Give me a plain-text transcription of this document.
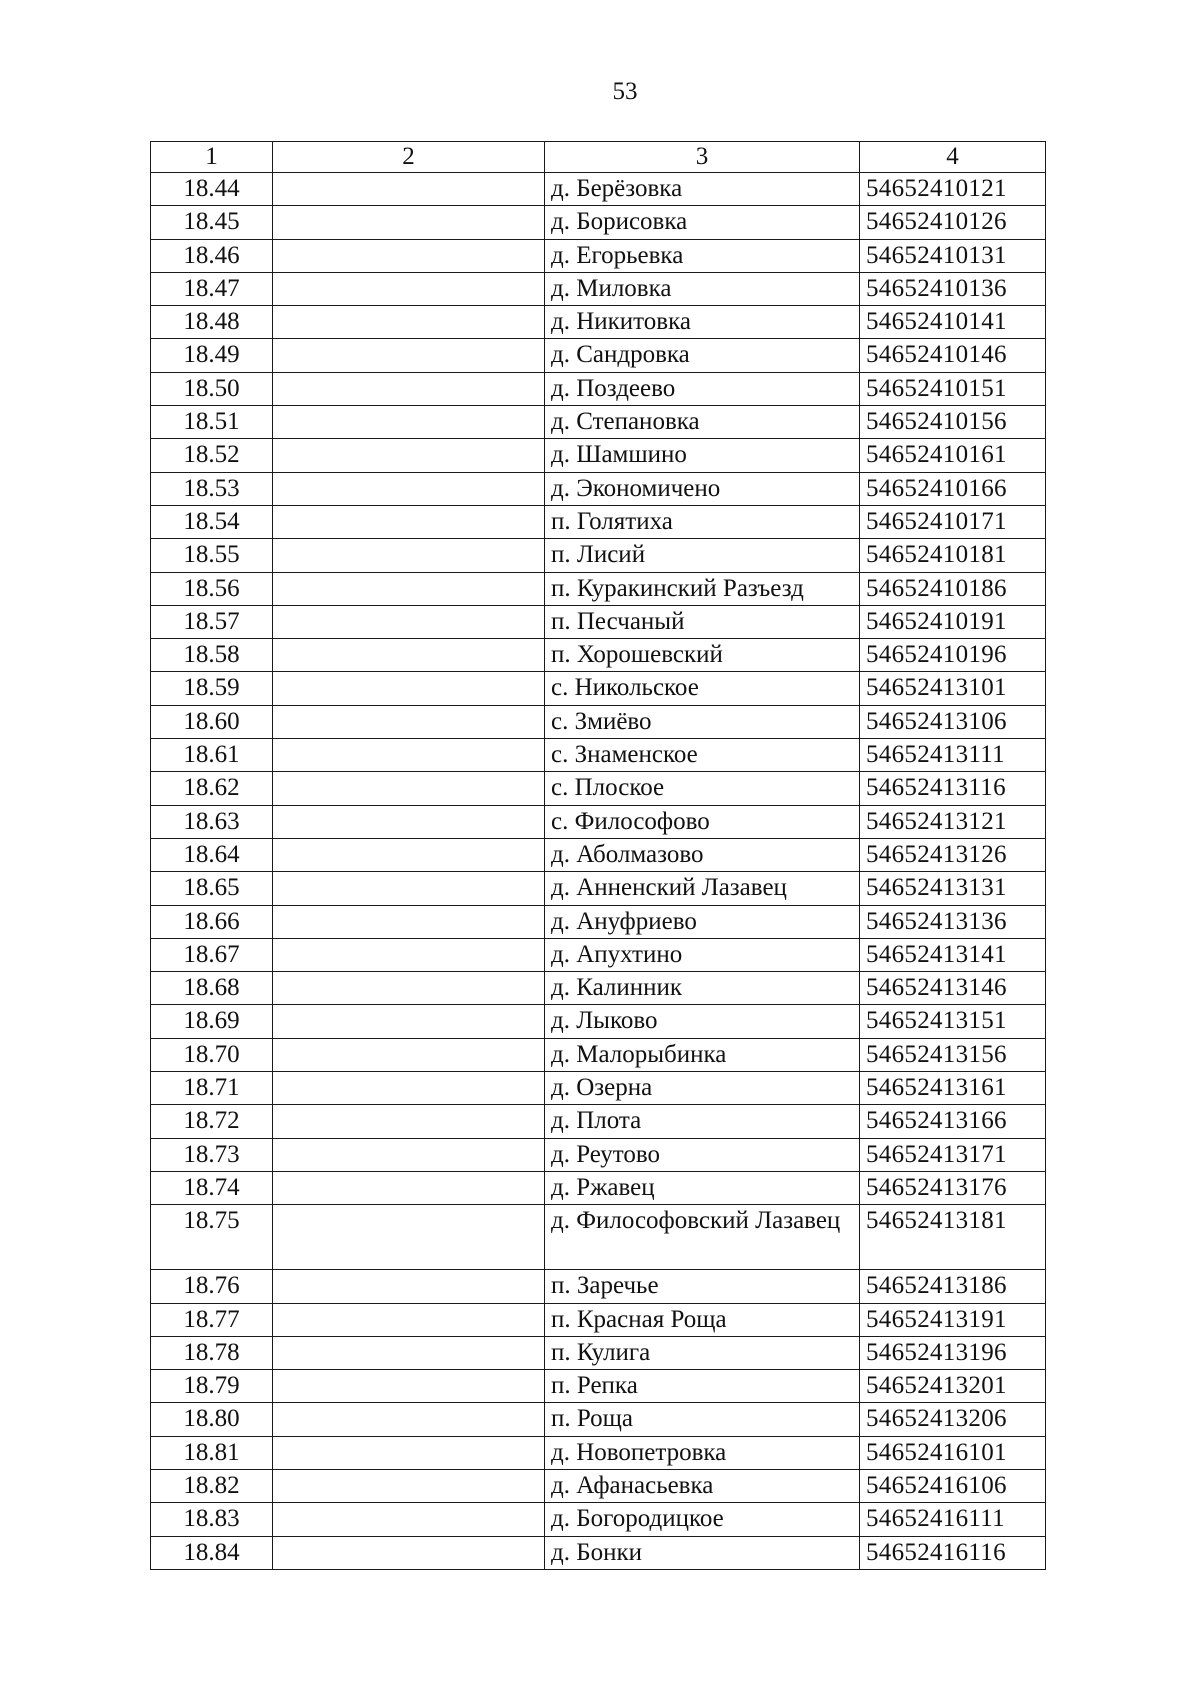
53
1	2	3	4
18.44		д. Берёзовка	54652410121
18.45		д. Борисовка	54652410126
18.46		д. Егорьевка	54652410131
18.47		д. Миловка	54652410136
18.48		д. Никитовка	54652410141
18.49		д. Сандровка	54652410146
18.50		д. Поздеево	54652410151
18.51		д. Степановка	54652410156
18.52		д. Шамшино	54652410161
18.53		д. Экономичено	54652410166
18.54		п. Голятиха	54652410171
18.55		п. Лисий	54652410181
18.56		п. Куракинский Разъезд	54652410186
18.57		п. Песчаный	54652410191
18.58		п. Хорошевский	54652410196
18.59		с. Никольское	54652413101
18.60		с. Змиёво	54652413106
18.61		с. Знаменское	54652413111
18.62		с. Плоское	54652413116
18.63		с. Философово	54652413121
18.64		д. Аболмазово	54652413126
18.65		д. Анненский Лазавец	54652413131
18.66		д. Ануфриево	54652413136
18.67		д. Апухтино	54652413141
18.68		д. Калинник	54652413146
18.69		д. Лыково	54652413151
18.70		д. Малорыбинка	54652413156
18.71		д. Озерна	54652413161
18.72		д. Плота	54652413166
18.73		д. Реутово	54652413171
18.74		д. Ржавец	54652413176
18.75		д. Философовский Лазавец	54652413181
18.76		п. Заречье	54652413186
18.77		п. Красная Роща	54652413191
18.78		п. Кулига	54652413196
18.79		п. Репка	54652413201
18.80		п. Роща	54652413206
18.81		д. Новопетровка	54652416101
18.82		д. Афанасьевка	54652416106
18.83		д. Богородицкое	54652416111
18.84		д. Бонки	54652416116
